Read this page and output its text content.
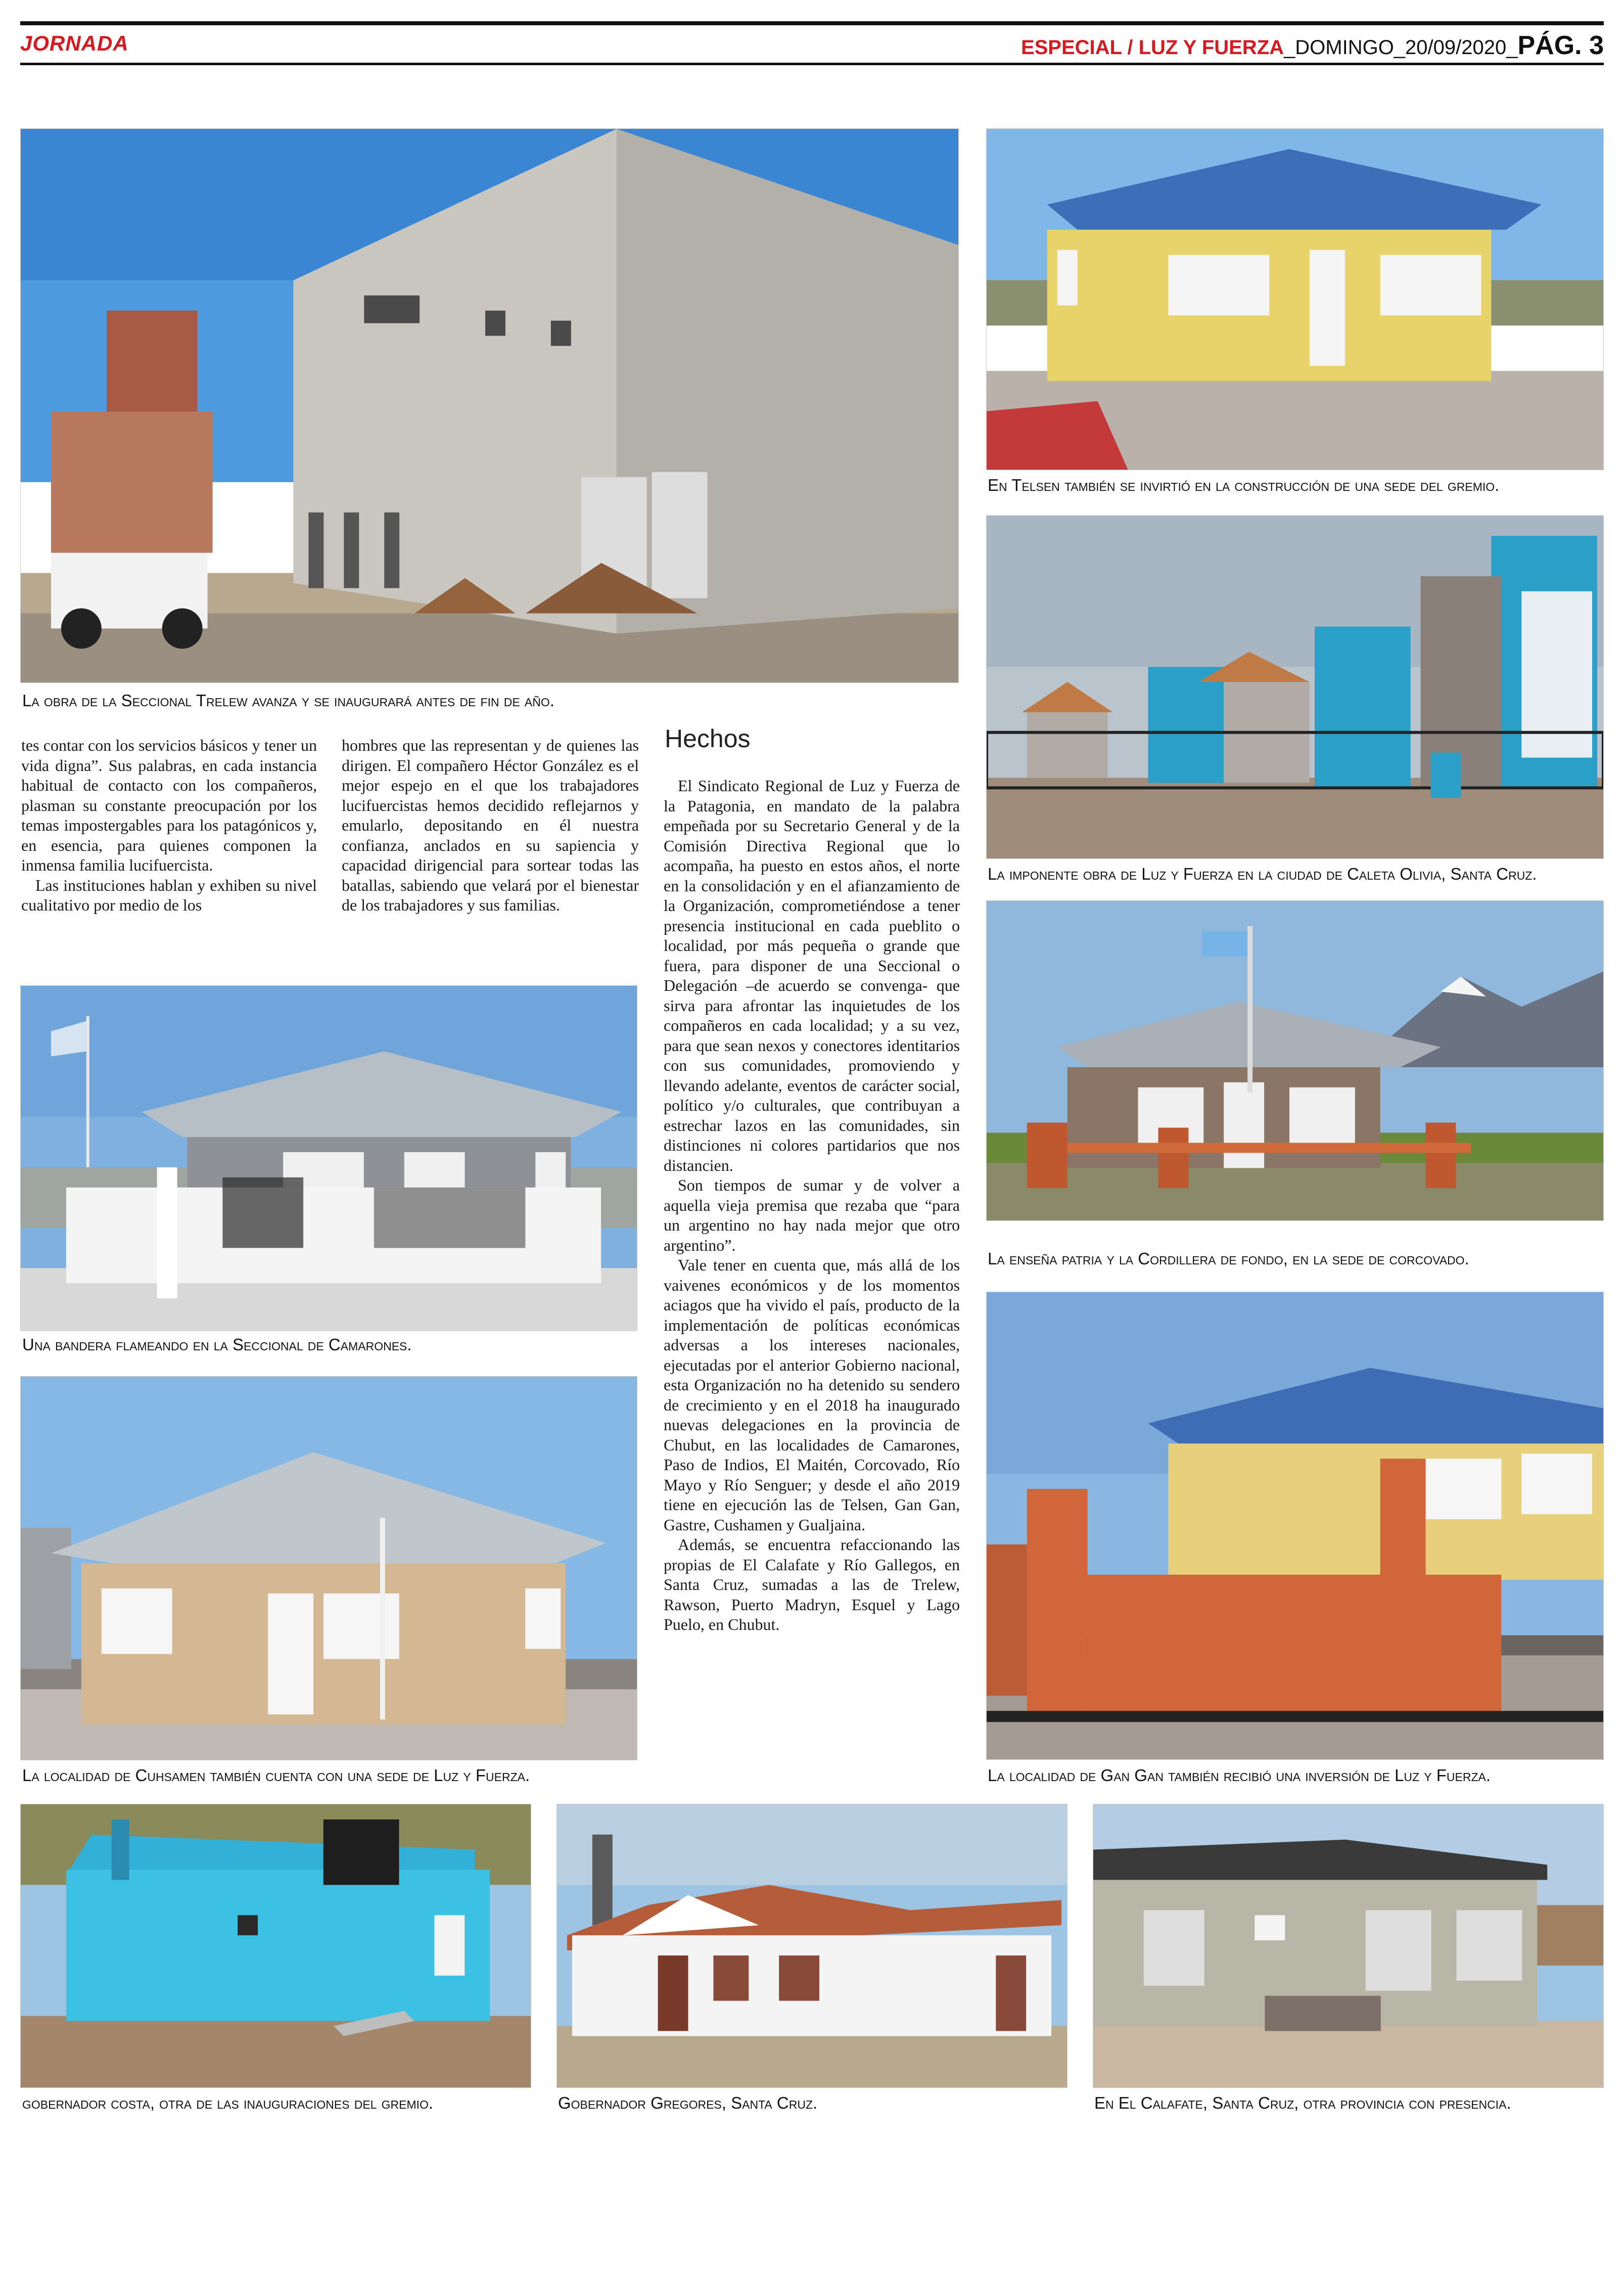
JORNADA	ESPECIAL / LUZ Y FUERZA_DOMINGO_20/09/2020_PÁG. 3
La obra de la Seccional Trelew avanza y se inaugurará antes de fin de año.
En Telsen también se invirtió en la construcción de una sede del gremio.
La imponente obra de Luz y Fuerza en la ciudad de Caleta Olivia, Santa Cruz.
La enseña patria y la Cordillera de fondo, en la sede de corcovado.
Una bandera flameando en la Seccional de Camarones.
La localidad de Cuhsamen también cuenta con una sede de Luz y Fuerza.	La localidad de Gan Gan también recibió una inversión de Luz y Fuerza.
gobernador costa, otra de las inauguraciones del gremio.	Gobernador Gregores, Santa Cruz.	En El Calafate, Santa Cruz, otra provincia con presencia.

tes contar con los servicios básicos y tener un vida digna”. Sus palabras, en cada instancia habitual de contacto con los compañeros, plasman su constante preocupación por los temas impostergables para los patagónicos y, en esencia, para quienes componen la inmensa familia lucifuercista.

Las instituciones hablan y exhiben su nivel cualitativo por medio de los

hombres que las representan y de quienes las dirigen. El compañero Héctor González es el mejor espejo en el que los trabajadores lucifuercistas hemos decidido reflejarnos y emularlo, depositando en él nuestra confianza, anclados en su sapiencia y capacidad dirigencial para sortear todas las batallas, sabiendo que velará por el bienestar de los trabajadores y sus familias.

Hechos

El Sindicato Regional de Luz y Fuerza de la Patagonia, en mandato de la palabra empeñada por su Secretario General y de la Comisión Directiva Regional que lo acompaña, ha puesto en estos años, el norte en la consolidación y en el afianzamiento de la Organización, comprometiéndose a tener presencia institucional en cada pueblito o localidad, por más pequeña o grande que fuera, para disponer de una Seccional o Delegación –de acuerdo se convenga- que sirva para afrontar las inquietudes de los compañeros en cada localidad; y a su vez, para que sean nexos y conectores identitarios con sus comunidades, promoviendo y llevando adelante, eventos de carácter social, político y/o culturales, que contribuyan a estrechar lazos en las comunidades, sin distinciones ni colores partidarios que nos distancien.

Son tiempos de sumar y de volver a aquella vieja premisa que rezaba que “para un argentino no hay nada mejor que otro argentino”.

Vale tener en cuenta que, más allá de los vaivenes económicos y de los momentos aciagos que ha vivido el país, producto de la implementación de políticas económicas adversas a los intereses nacionales, ejecutadas por el anterior Gobierno nacional, esta Organización no ha detenido su sendero de crecimiento y en el 2018 ha inaugurado nuevas delegaciones en la provincia de Chubut, en las localidades de Camarones, Paso de Indios, El Maitén, Corcovado, Río Mayo y Río Senguer; y desde el año 2019 tiene en ejecución las de Telsen, Gan Gan, Gastre, Cushamen y Gualjaina.

Además, se encuentra refaccionando las propias de El Calafate y Río Gallegos, en Santa Cruz, sumadas a las de Trelew, Rawson, Puerto Madryn, Esquel y Lago Puelo, en Chubut.
